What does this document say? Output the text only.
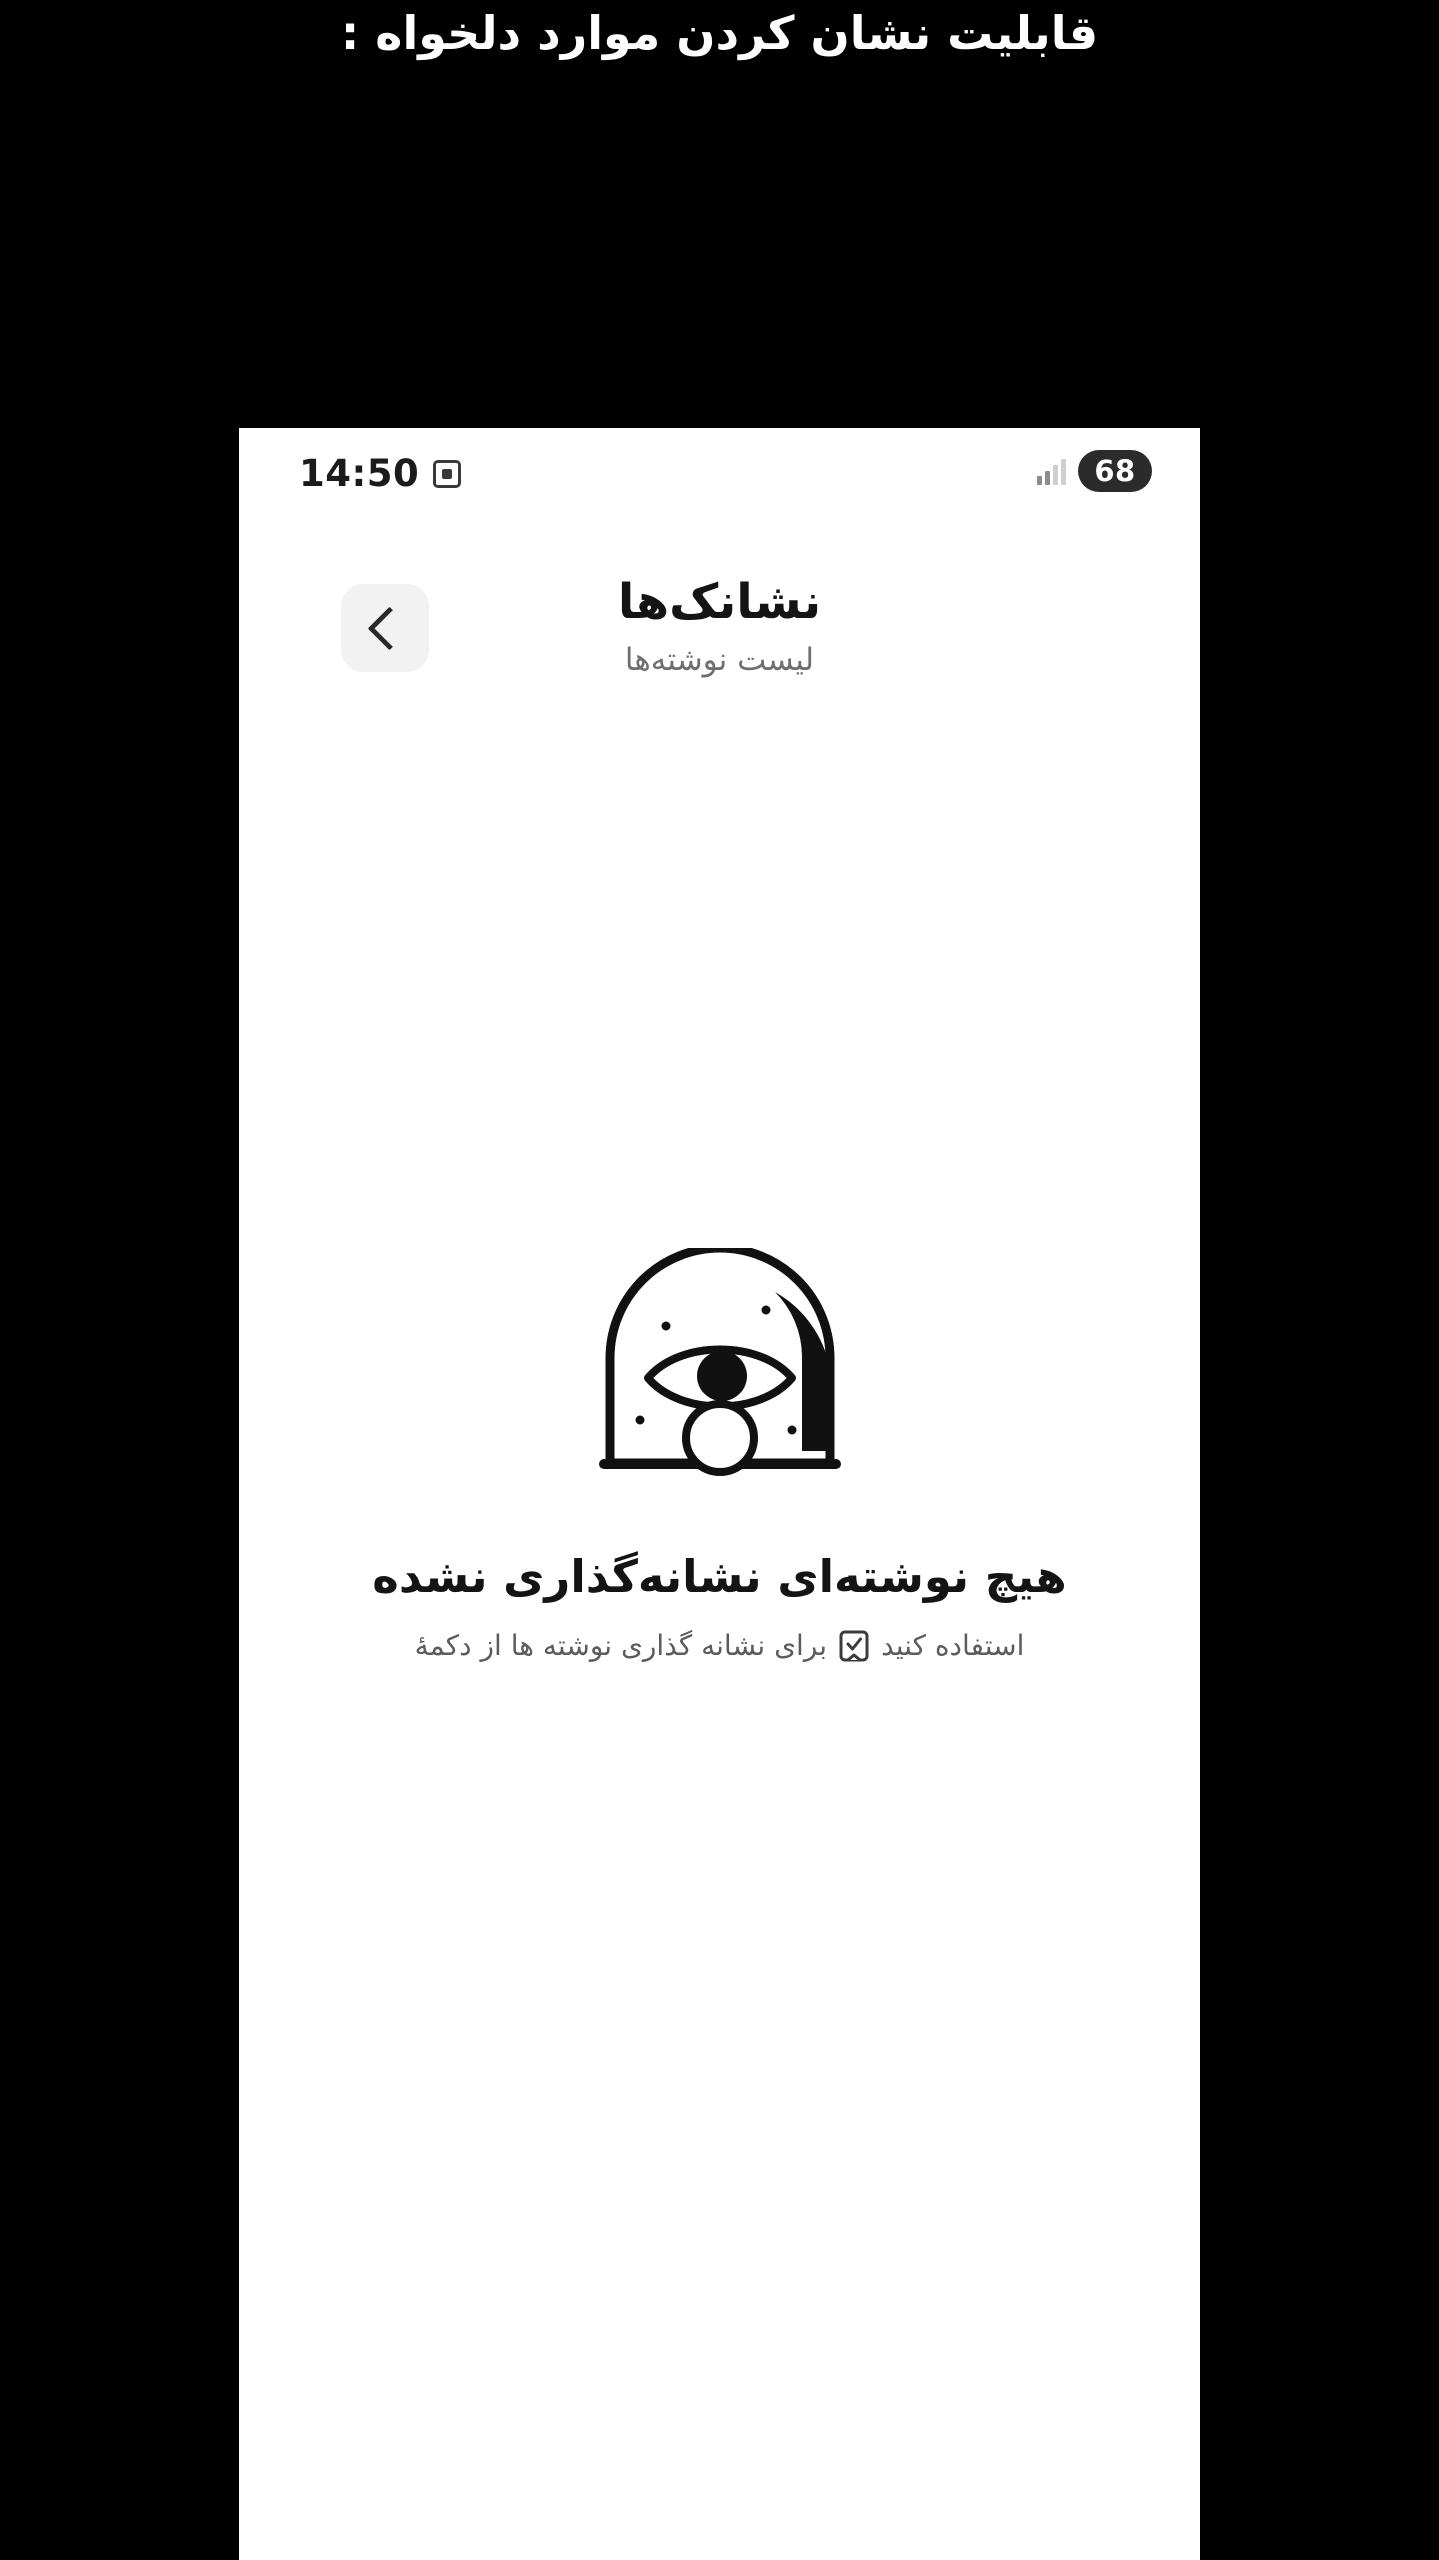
قابلیت نشان کردن موارد دلخواه :
14:50	68
نشانک‌ها
لیست نوشته‌ها
هیچ نوشته‌ای نشانه‌گذاری نشده
استفاده کنید
برای نشانه گذاری نوشته ها از دکمهٔ
